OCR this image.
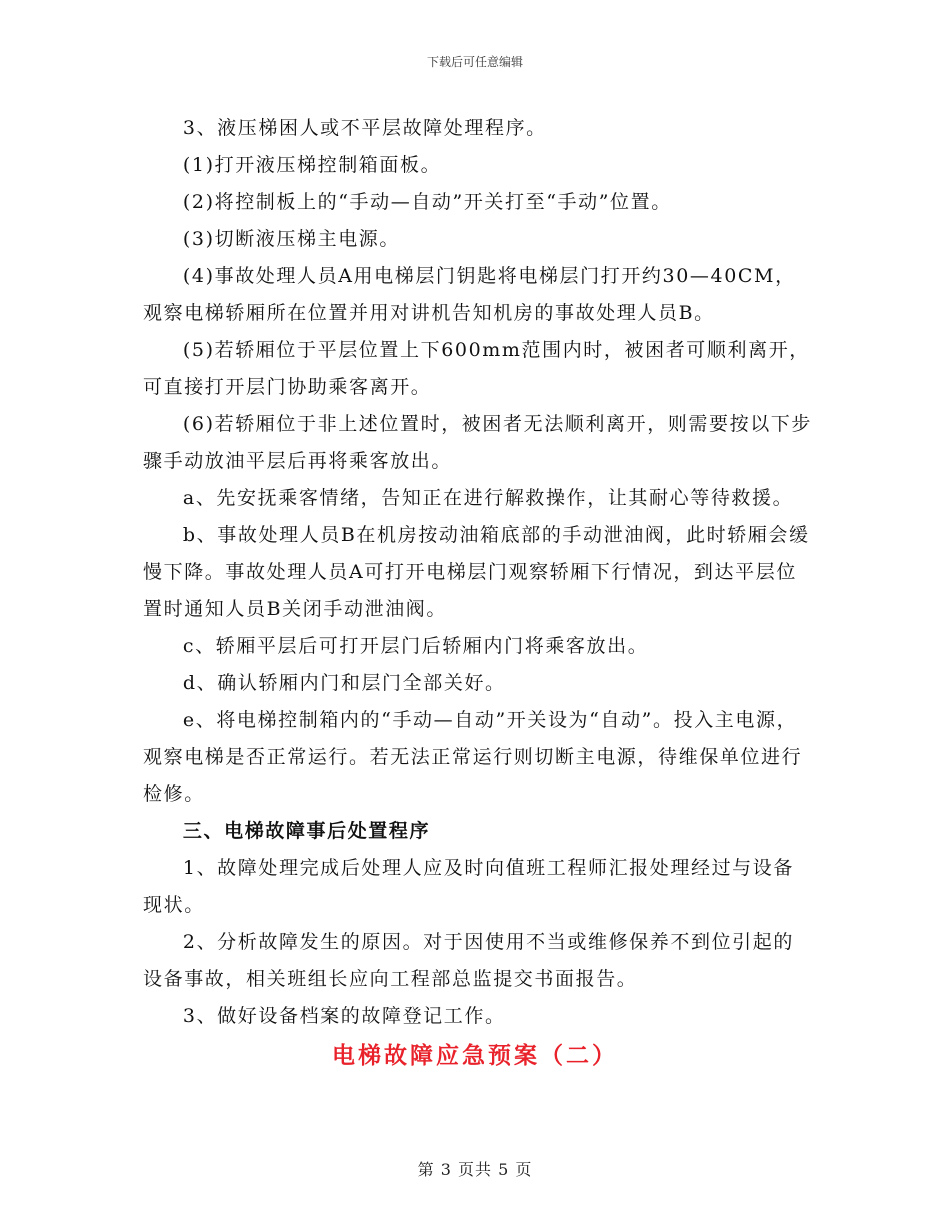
下载后可任意编辑

3、液压梯困人或不平层故障处理程序。

(1)打开液压梯控制箱面板。

(2)将控制板上的“手动—自动”开关打至“手动”位置。

(3)切断液压梯主电源。

(4)事故处理人员A用电梯层门钥匙将电梯层门打开约30—40CM，观察电梯轿厢所在位置并用对讲机告知机房的事故处理人员B。

(5)若轿厢位于平层位置上下600mm范围内时，被困者可顺利离开，可直接打开层门协助乘客离开。

(6)若轿厢位于非上述位置时，被困者无法顺利离开，则需要按以下步骤手动放油平层后再将乘客放出。

a、先安抚乘客情绪，告知正在进行解救操作，让其耐心等待救援。

b、事故处理人员B在机房按动油箱底部的手动泄油阀，此时轿厢会缓慢下降。事故处理人员A可打开电梯层门观察轿厢下行情况，到达平层位置时通知人员B关闭手动泄油阀。

c、轿厢平层后可打开层门后轿厢内门将乘客放出。

d、确认轿厢内门和层门全部关好。

e、将电梯控制箱内的“手动—自动”开关设为“自动”。投入主电源，观察电梯是否正常运行。若无法正常运行则切断主电源，待维保单位进行检修。

三、电梯故障事后处置程序

1、故障处理完成后处理人应及时向值班工程师汇报处理经过与设备现状。

2、分析故障发生的原因。对于因使用不当或维修保养不到位引起的设备事故，相关班组长应向工程部总监提交书面报告。

3、做好设备档案的故障登记工作。

电梯故障应急预案（二）
第 3 页共 5 页
